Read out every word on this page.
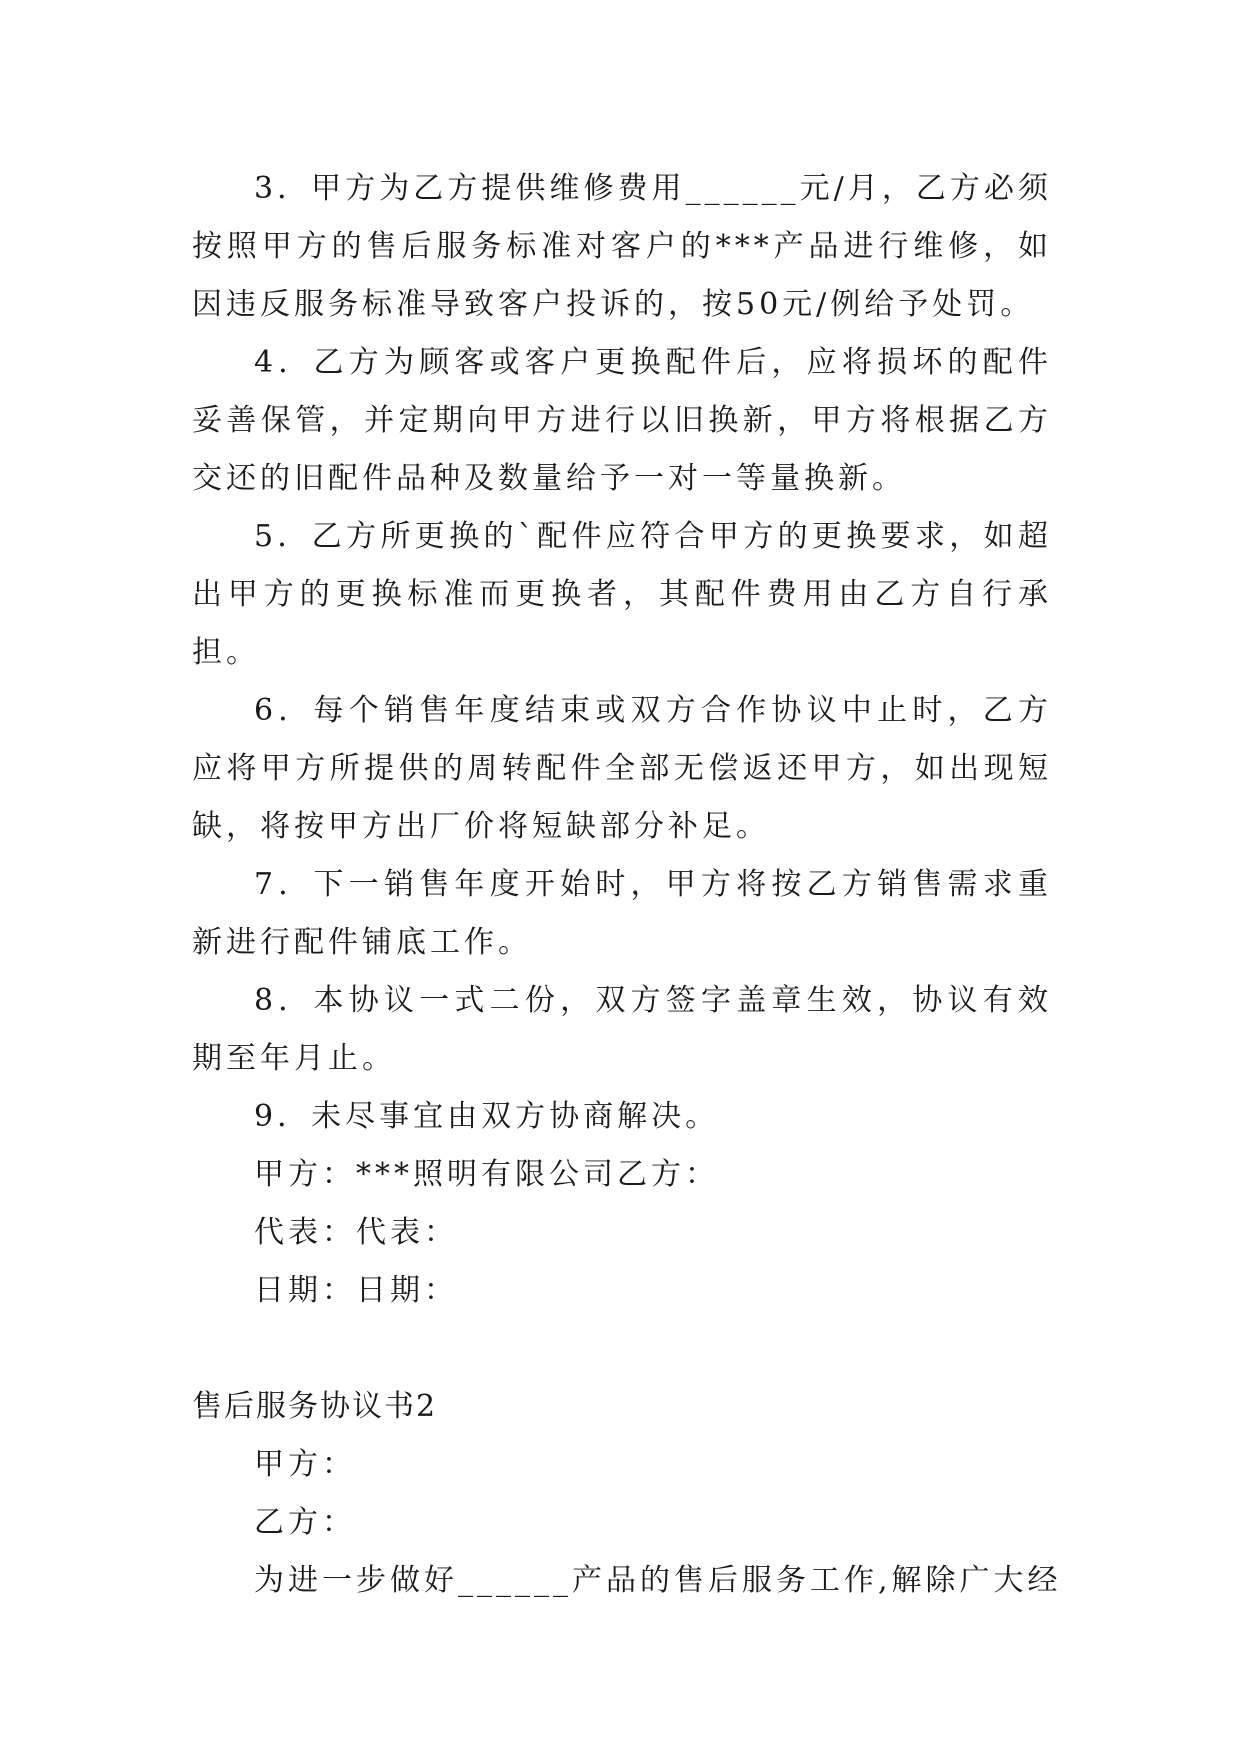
3．甲方为乙方提供维修费用______元/月，乙方必须按照甲方的售后服务标准对客户的***产品进行维修，如因违反服务标准导致客户投诉的，按50元/例给予处罚。

4．乙方为顾客或客户更换配件后，应将损坏的配件妥善保管，并定期向甲方进行以旧换新，甲方将根据乙方交还的旧配件品种及数量给予一对一等量换新。

5．乙方所更换的`配件应符合甲方的更换要求，如超出甲方的更换标准而更换者，其配件费用由乙方自行承担。

6．每个销售年度结束或双方合作协议中止时，乙方应将甲方所提供的周转配件全部无偿返还甲方，如出现短缺，将按甲方出厂价将短缺部分补足。

7．下一销售年度开始时，甲方将按乙方销售需求重新进行配件铺底工作。

8．本协议一式二份，双方签字盖章生效，协议有效期至年月止。

9．未尽事宜由双方协商解决。

甲方：***照明有限公司乙方：

代表：代表：

日期：日期：

售后服务协议书2

甲方：

乙方：

为进一步做好______产品的售后服务工作,解除广大经
